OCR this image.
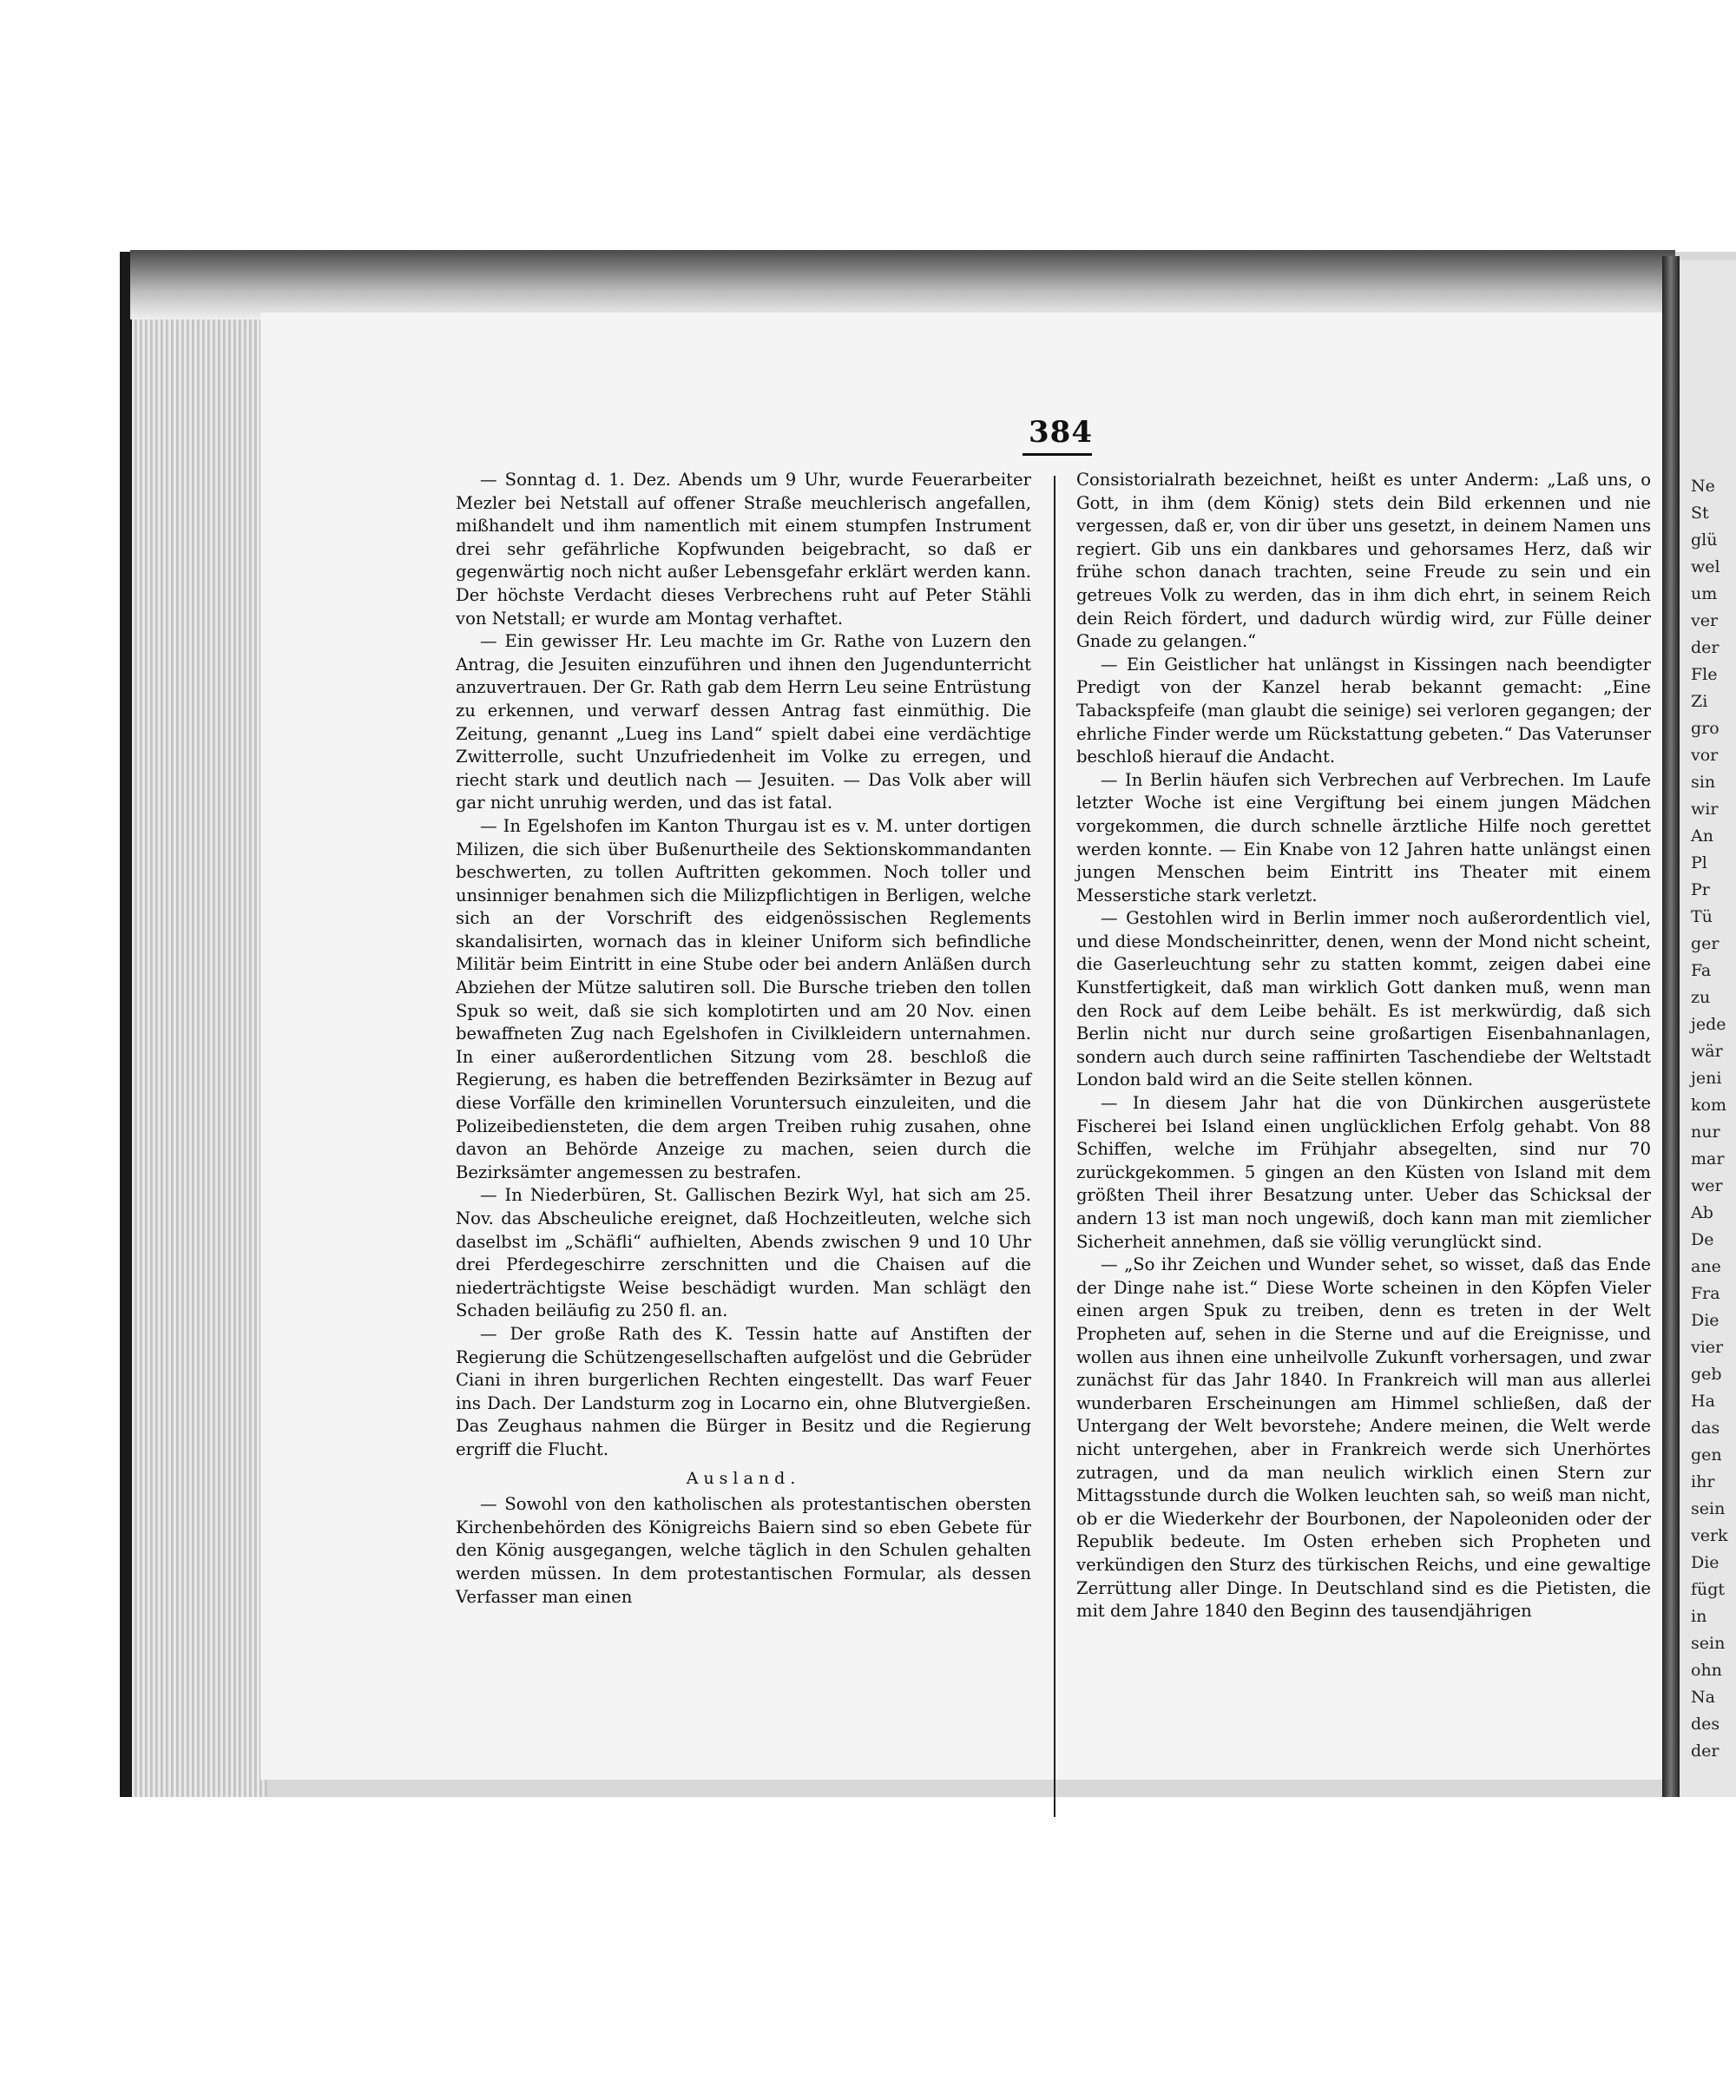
384

— Sonntag d. 1. Dez. Abends um 9 Uhr, wurde Feuerarbeiter Mezler bei Netstall auf offener Straße meuchlerisch angefallen, mißhandelt und ihm namentlich mit einem stumpfen Instrument drei sehr gefährliche Kopfwunden beigebracht, so daß er gegenwärtig noch nicht außer Lebensgefahr erklärt werden kann. Der höchste Verdacht dieses Verbrechens ruht auf Peter Stähli von Netstall; er wurde am Montag verhaftet.

— Ein gewisser Hr. Leu machte im Gr. Rathe von Luzern den Antrag, die Jesuiten einzuführen und ihnen den Jugendunterricht anzuvertrauen. Der Gr. Rath gab dem Herrn Leu seine Entrüstung zu erkennen, und verwarf dessen Antrag fast einmüthig. Die Zeitung, genannt „Lueg ins Land“ spielt dabei eine verdächtige Zwitterrolle, sucht Unzufriedenheit im Volke zu erregen, und riecht stark und deutlich nach — Jesuiten. — Das Volk aber will gar nicht unruhig werden, und das ist fatal.

— In Egelshofen im Kanton Thurgau ist es v. M. unter dortigen Milizen, die sich über Bußenurtheile des Sektionskommandanten beschwerten, zu tollen Auftritten gekommen. Noch toller und unsinniger benahmen sich die Milizpflichtigen in Berligen, welche sich an der Vorschrift des eidgenössischen Reglements skandalisirten, wornach das in kleiner Uniform sich befindliche Militär beim Eintritt in eine Stube oder bei andern Anläßen durch Abziehen der Mütze salutiren soll. Die Bursche trieben den tollen Spuk so weit, daß sie sich komplotirten und am 20 Nov. einen bewaffneten Zug nach Egelshofen in Civilkleidern unternahmen. In einer außerordentlichen Sitzung vom 28. beschloß die Regierung, es haben die betreffenden Bezirksämter in Bezug auf diese Vorfälle den kriminellen Voruntersuch einzuleiten, und die Polizeibediensteten, die dem argen Treiben ruhig zusahen, ohne davon an Behörde Anzeige zu machen, seien durch die Bezirksämter angemessen zu bestrafen.

— In Niederbüren, St. Gallischen Bezirk Wyl, hat sich am 25. Nov. das Abscheuliche ereignet, daß Hochzeitleuten, welche sich daselbst im „Schäfli“ aufhielten, Abends zwischen 9 und 10 Uhr drei Pferdegeschirre zerschnitten und die Chaisen auf die niederträchtigste Weise beschädigt wurden. Man schlägt den Schaden beiläufig zu 250 fl. an.

— Der große Rath des K. Tessin hatte auf Anstiften der Regierung die Schützengesellschaften aufgelöst und die Gebrüder Ciani in ihren burgerlichen Rechten eingestellt. Das warf Feuer ins Dach. Der Landsturm zog in Locarno ein, ohne Blutvergießen. Das Zeughaus nahmen die Bürger in Besitz und die Regierung ergriff die Flucht.

Ausland.

— Sowohl von den katholischen als protestantischen obersten Kirchenbehörden des Königreichs Baiern sind so eben Gebete für den König ausgegangen, welche täglich in den Schulen gehalten werden müssen. In dem protestantischen Formular, als dessen Verfasser man einen

Consistorialrath bezeichnet, heißt es unter Anderm: „Laß uns, o Gott, in ihm (dem König) stets dein Bild erkennen und nie vergessen, daß er, von dir über uns gesetzt, in deinem Namen uns regiert. Gib uns ein dankbares und gehorsames Herz, daß wir frühe schon danach trachten, seine Freude zu sein und ein getreues Volk zu werden, das in ihm dich ehrt, in seinem Reich dein Reich fördert, und dadurch würdig wird, zur Fülle deiner Gnade zu gelangen.“

— Ein Geistlicher hat unlängst in Kissingen nach beendigter Predigt von der Kanzel herab bekannt gemacht: „Eine Tabackspfeife (man glaubt die seinige) sei verloren gegangen; der ehrliche Finder werde um Rückstattung gebeten.“ Das Vaterunser beschloß hierauf die Andacht.

— In Berlin häufen sich Verbrechen auf Verbrechen. Im Laufe letzter Woche ist eine Vergiftung bei einem jungen Mädchen vorgekommen, die durch schnelle ärztliche Hilfe noch gerettet werden konnte. — Ein Knabe von 12 Jahren hatte unlängst einen jungen Menschen beim Eintritt ins Theater mit einem Messerstiche stark verletzt.

— Gestohlen wird in Berlin immer noch außerordentlich viel, und diese Mondscheinritter, denen, wenn der Mond nicht scheint, die Gaserleuchtung sehr zu statten kommt, zeigen dabei eine Kunstfertigkeit, daß man wirklich Gott danken muß, wenn man den Rock auf dem Leibe behält. Es ist merkwürdig, daß sich Berlin nicht nur durch seine großartigen Eisenbahnanlagen, sondern auch durch seine raffinirten Taschendiebe der Weltstadt London bald wird an die Seite stellen können.

— In diesem Jahr hat die von Dünkirchen ausgerüstete Fischerei bei Island einen unglücklichen Erfolg gehabt. Von 88 Schiffen, welche im Frühjahr absegelten, sind nur 70 zurückgekommen. 5 gingen an den Küsten von Island mit dem größten Theil ihrer Besatzung unter. Ueber das Schicksal der andern 13 ist man noch ungewiß, doch kann man mit ziemlicher Sicherheit annehmen, daß sie völlig verunglückt sind.

— „So ihr Zeichen und Wunder sehet, so wisset, daß das Ende der Dinge nahe ist.“ Diese Worte scheinen in den Köpfen Vieler einen argen Spuk zu treiben, denn es treten in der Welt Propheten auf, sehen in die Sterne und auf die Ereignisse, und wollen aus ihnen eine unheilvolle Zukunft vorhersagen, und zwar zunächst für das Jahr 1840. In Frankreich will man aus allerlei wunderbaren Erscheinungen am Himmel schließen, daß der Untergang der Welt bevorstehe; Andere meinen, die Welt werde nicht untergehen, aber in Frankreich werde sich Unerhörtes zutragen, und da man neulich wirklich einen Stern zur Mittagsstunde durch die Wolken leuchten sah, so weiß man nicht, ob er die Wiederkehr der Bourbonen, der Napoleoniden oder der Republik bedeute. Im Osten erheben sich Propheten und verkündigen den Sturz des türkischen Reichs, und eine gewaltige Zerrüttung aller Dinge. In Deutschland sind es die Pietisten, die mit dem Jahre 1840 den Beginn des tausendjährigen

Ne
St
glü
wel
um
ver
der
Fle
Zi
gro
vor
sin
wir
An
Pl
Pr
Tü
ger
Fa
zu
jede
wär
jeni
kom
nur
mar
wer
Ab
De
ane
Fra
Die
vier
geb
Ha
das
gen
ihr
sein
verk
Die
fügt
in
sein
ohn
Na
des
der
